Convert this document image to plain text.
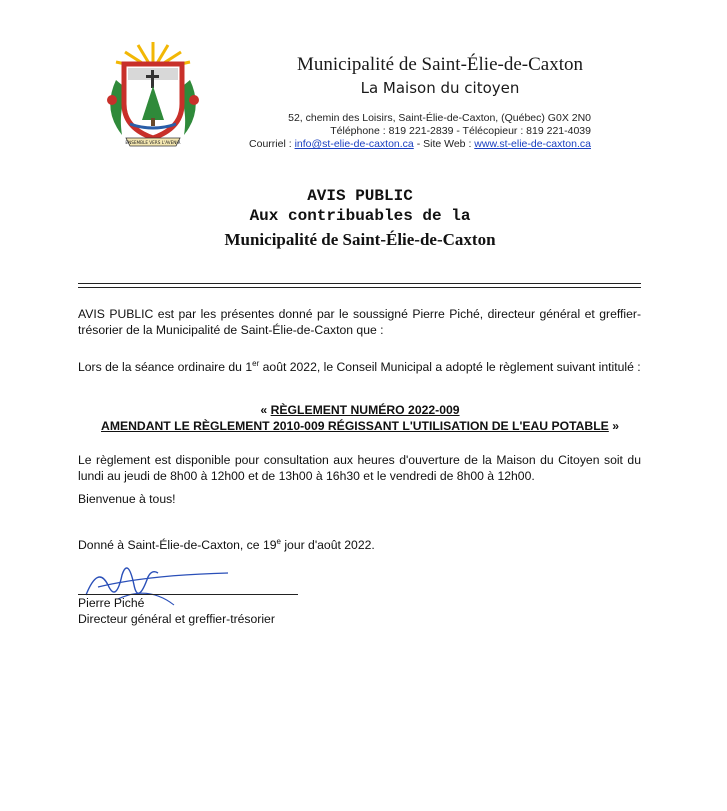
ENSEMBLE VERS L'AVENIR
Municipalité de Saint-Élie-de-Caxton
La Maison du citoyen
52, chemin des Loisirs, Saint-Élie-de-Caxton, (Québec) G0X 2N0
Téléphone : 819 221-2839 - Télécopieur : 819 221-4039
Courriel : info@st-elie-de-caxton.ca - Site Web : www.st-elie-de-caxton.ca
AVIS PUBLIC
Aux contribuables de la
Municipalité de Saint-Élie-de-Caxton
AVIS PUBLIC est par les présentes donné par le soussigné Pierre Piché, directeur général et greffier-trésorier de la Municipalité de Saint-Élie-de-Caxton que :
Lors de la séance ordinaire du 1er août 2022, le Conseil Municipal a adopté le règlement suivant intitulé :
« RÈGLEMENT NUMÉRO 2022-009
AMENDANT LE RÈGLEMENT 2010-009 RÉGISSANT L'UTILISATION DE L'EAU POTABLE »
Le règlement est disponible pour consultation aux heures d'ouverture de la Maison du Citoyen soit du lundi au jeudi de 8h00 à 12h00 et de 13h00 à 16h30 et le vendredi de 8h00 à 12h00.
Bienvenue à tous!
Donné à Saint-Élie-de-Caxton, ce 19e jour d'août 2022.
Pierre Piché
Directeur général et greffier-trésorier
